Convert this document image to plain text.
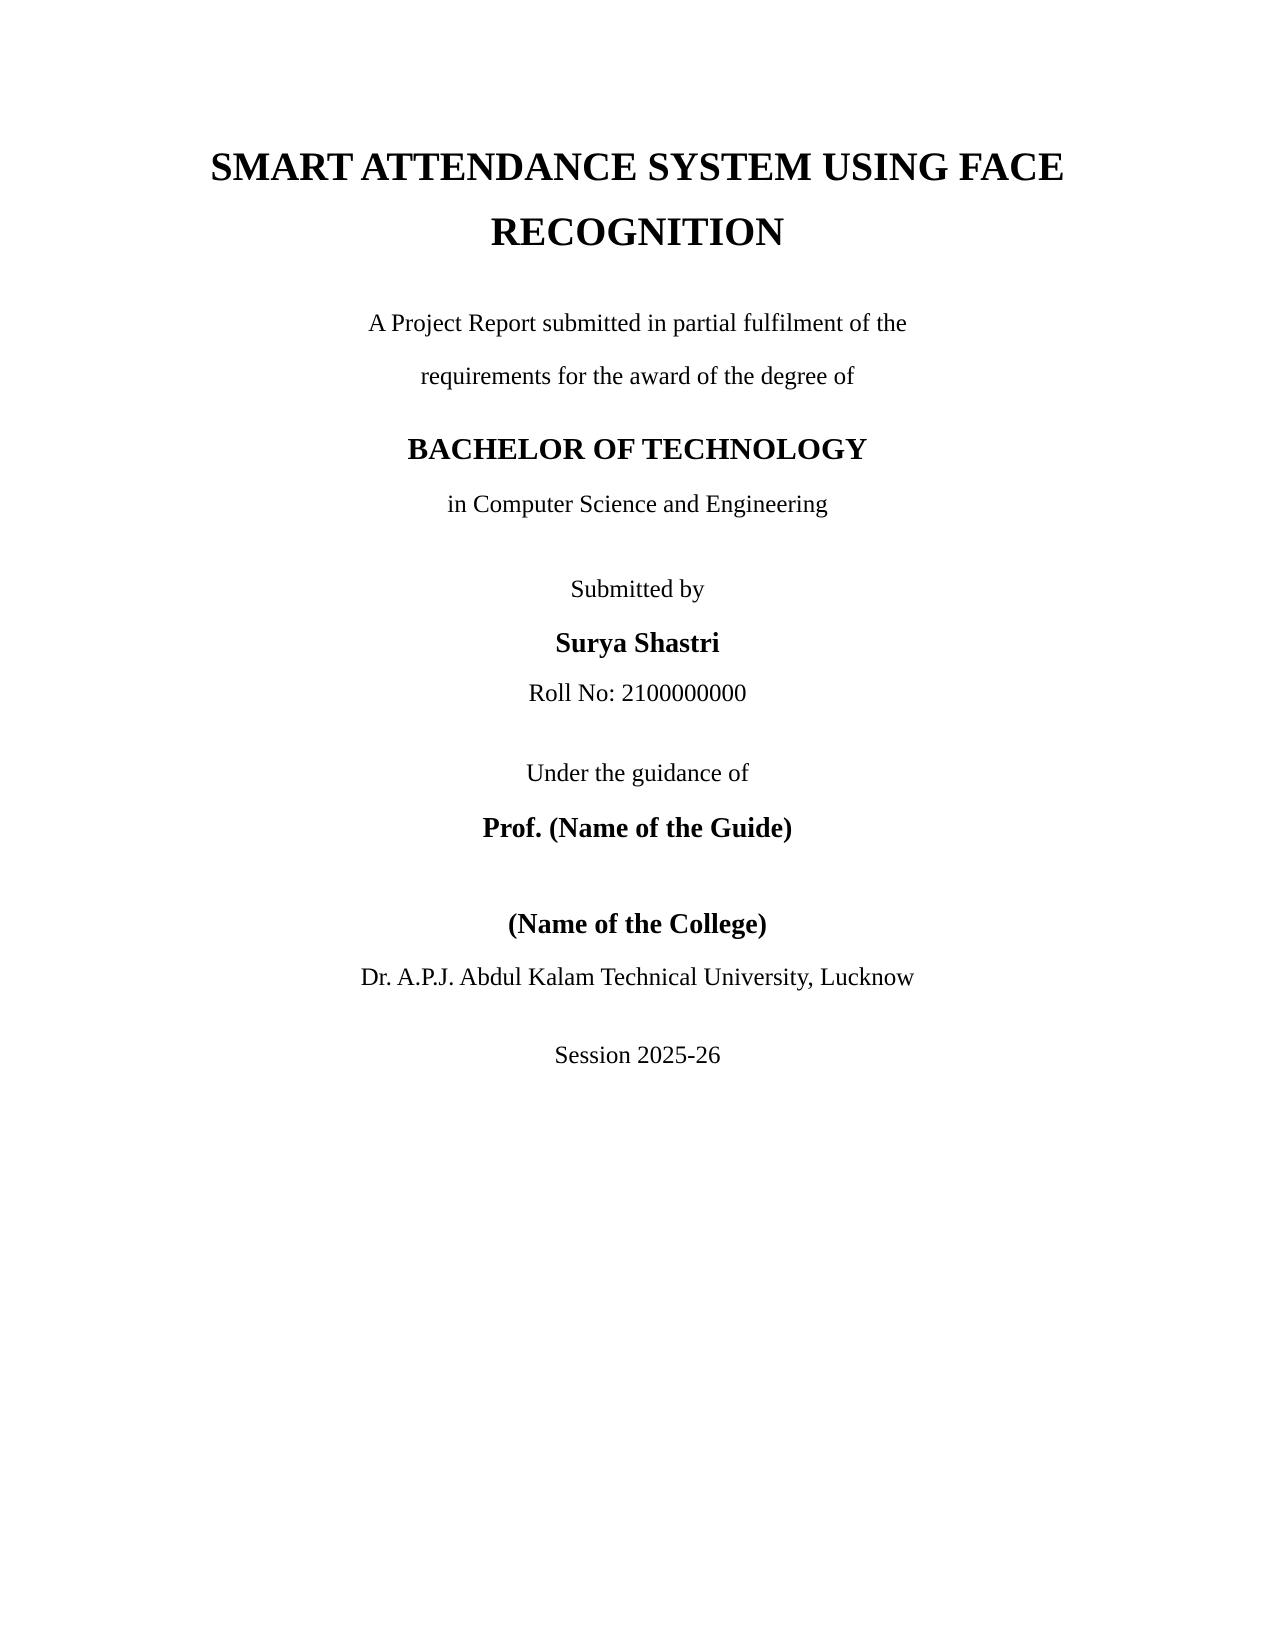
SMART ATTENDANCE SYSTEM USING FACE
RECOGNITION
A Project Report submitted in partial fulfilment of the
requirements for the award of the degree of
BACHELOR OF TECHNOLOGY
in Computer Science and Engineering
Submitted by
Surya Shastri
Roll No: 2100000000
Under the guidance of
Prof. (Name of the Guide)
(Name of the College)
Dr. A.P.J. Abdul Kalam Technical University, Lucknow
Session 2025-26
